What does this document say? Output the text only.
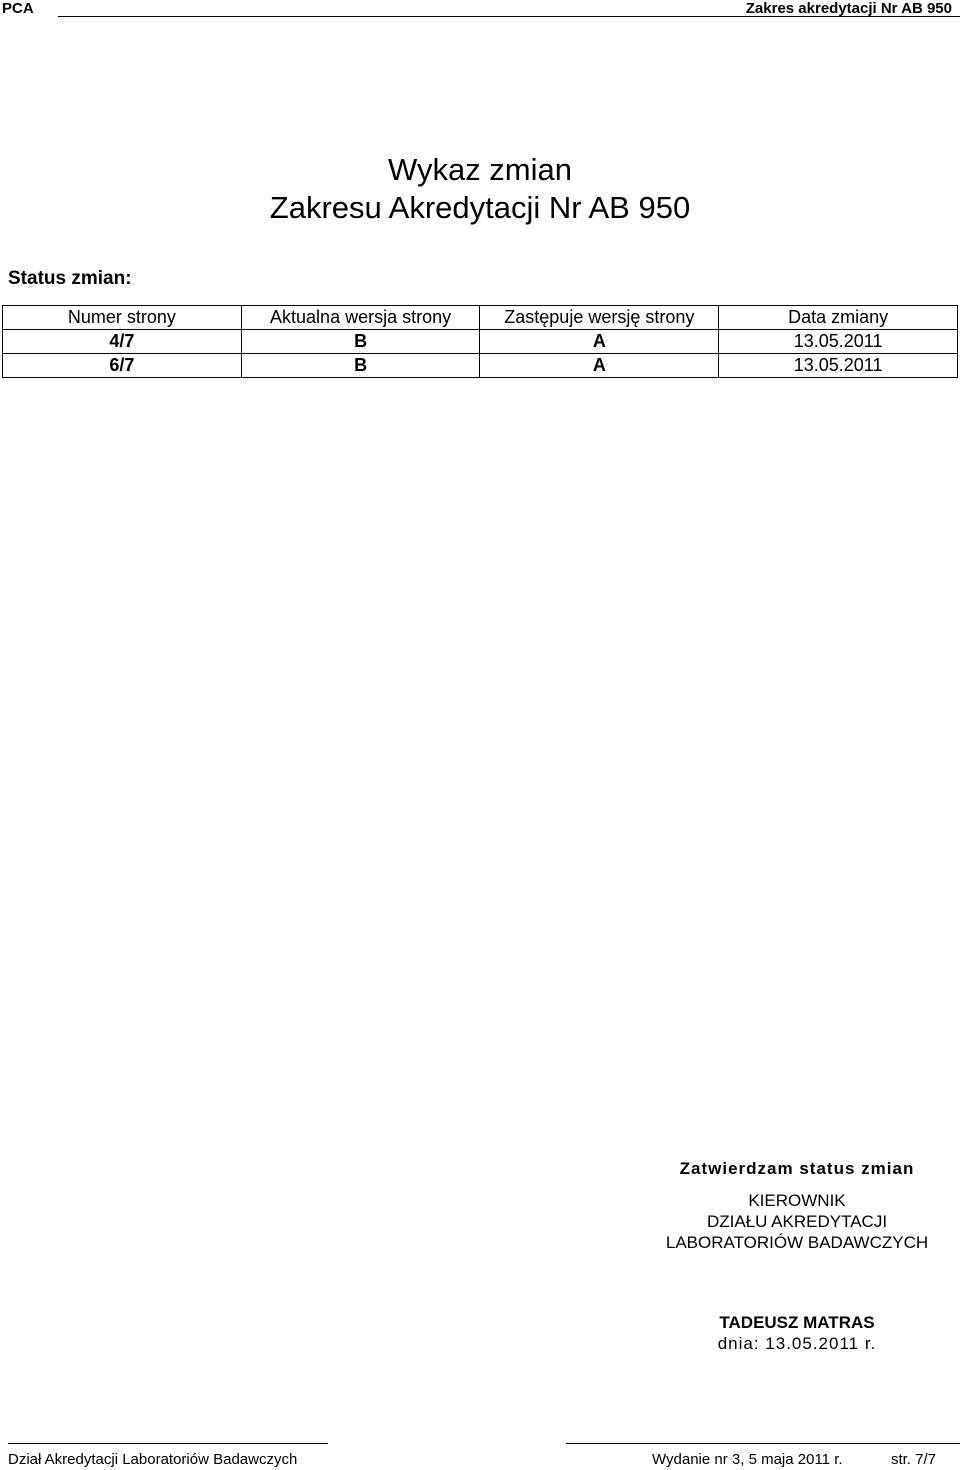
PCA	Zakres akredytacji Nr AB 950
Wykaz zmian
Zakresu Akredytacji Nr AB 950
Status zmian:
Numer strony	Aktualna wersja strony	Zastępuje wersję strony	Data zmiany
4/7	B	A	13.05.2011
6/7	B	A	13.05.2011
Zatwierdzam status zmian
KIEROWNIK
DZIAŁU AKREDYTACJI
LABORATORIÓW BADAWCZYCH
TADEUSZ MATRAS
dnia: 13.05.2011 r.
Dział Akredytacji Laboratoriów Badawczych	Wydanie nr 3, 5 maja 2011 r.	str. 7/7
